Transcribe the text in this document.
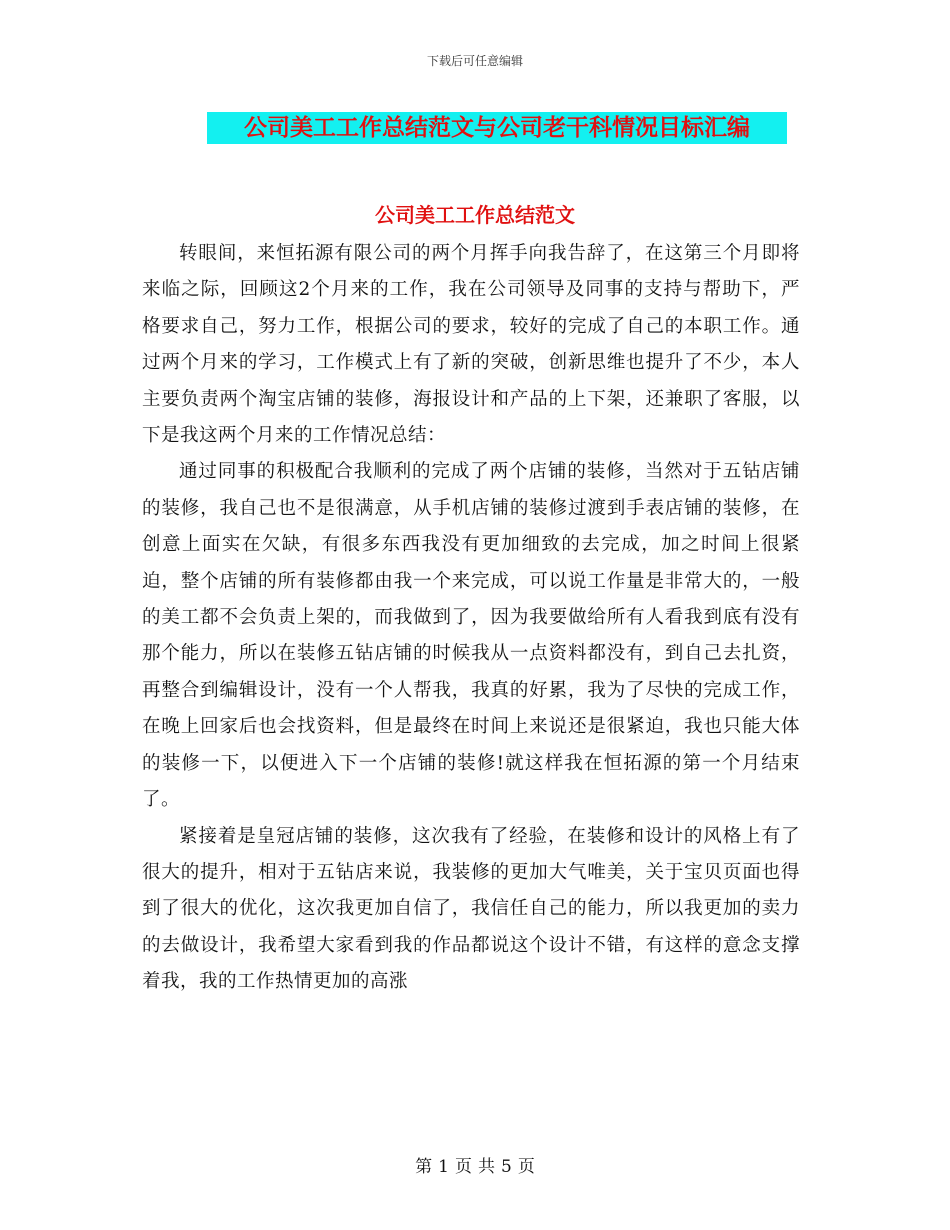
下载后可任意编辑
公司美工工作总结范文与公司老干科情况目标汇编
公司美工工作总结范文

转眼间，来恒拓源有限公司的两个月挥手向我告辞了，在这第三个月即将来临之际，回顾这2个月来的工作，我在公司领导及同事的支持与帮助下，严格要求自己，努力工作，根据公司的要求，较好的完成了自己的本职工作。通过两个月来的学习，工作模式上有了新的突破，创新思维也提升了不少，本人主要负责两个淘宝店铺的装修，海报设计和产品的上下架，还兼职了客服，以下是我这两个月来的工作情况总结：

通过同事的积极配合我顺利的完成了两个店铺的装修，当然对于五钻店铺的装修，我自己也不是很满意，从手机店铺的装修过渡到手表店铺的装修，在创意上面实在欠缺，有很多东西我没有更加细致的去完成，加之时间上很紧迫，整个店铺的所有装修都由我一个来完成，可以说工作量是非常大的，一般的美工都不会负责上架的，而我做到了，因为我要做给所有人看我到底有没有那个能力，所以在装修五钻店铺的时候我从一点资料都没有，到自己去扎资，再整合到编辑设计，没有一个人帮我，我真的好累，我为了尽快的完成工作，在晚上回家后也会找资料，但是最终在时间上来说还是很紧迫，我也只能大体的装修一下，以便进入下一个店铺的装修!就这样我在恒拓源的第一个月结束了。

紧接着是皇冠店铺的装修，这次我有了经验，在装修和设计的风格上有了很大的提升，相对于五钻店来说，我装修的更加大气唯美，关于宝贝页面也得到了很大的优化，这次我更加自信了，我信任自己的能力，所以我更加的卖力的去做设计，我希望大家看到我的作品都说这个设计不错，有这样的意念支撑着我，我的工作热情更加的高涨

第 1 页 共 5 页
